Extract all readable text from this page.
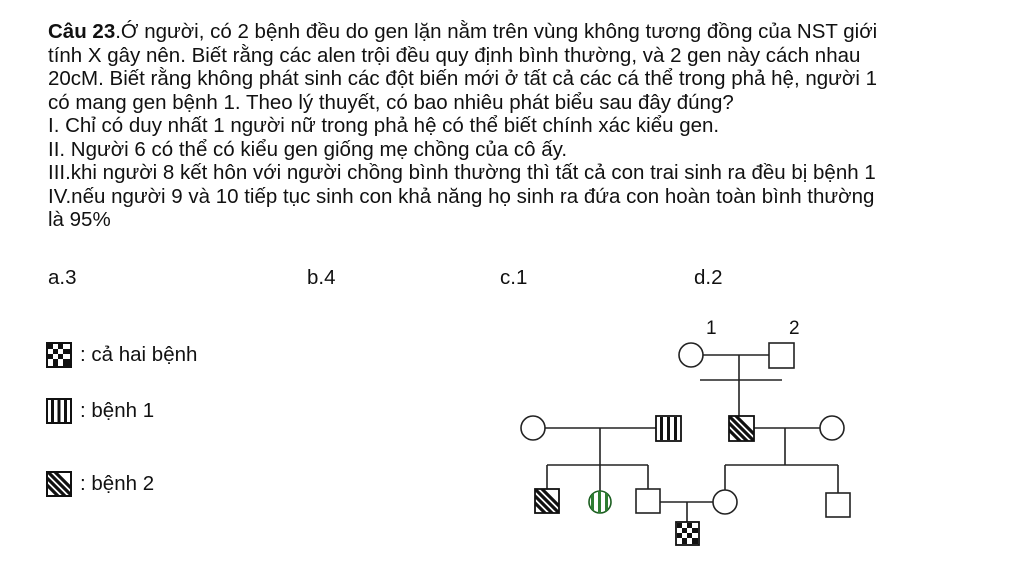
Câu 23.Ớ người, có 2 bệnh đều do gen lặn nằm trên vùng không tương đồng của NST giới
tính X gây nên. Biết rằng các alen trội đều quy định bình thường, và 2 gen này cách nhau
20cM. Biết rằng không phát sinh các đột biến mới ở tất cả các cá thể trong phả hệ, người 1
có mang gen bệnh 1. Theo lý thuyết, có bao nhiêu phát biểu sau đây đúng?
I. Chỉ có duy nhất 1 người nữ trong phả hệ có thể biết chính xác kiểu gen.
II. Người 6 có thể có kiểu gen giống mẹ chồng của cô ấy.
III.khi người 8 kết hôn với người chồng bình thường thì tất cả con trai sinh ra đều bị bệnh 1
IV.nếu người 9 và 10 tiếp tục sinh con khả năng họ sinh ra đứa con hoàn toàn bình thường
là 95%
a.3	b.4	c.1	d.2
: cả hai bệnh
: bệnh 1
: bệnh 2
1	2
